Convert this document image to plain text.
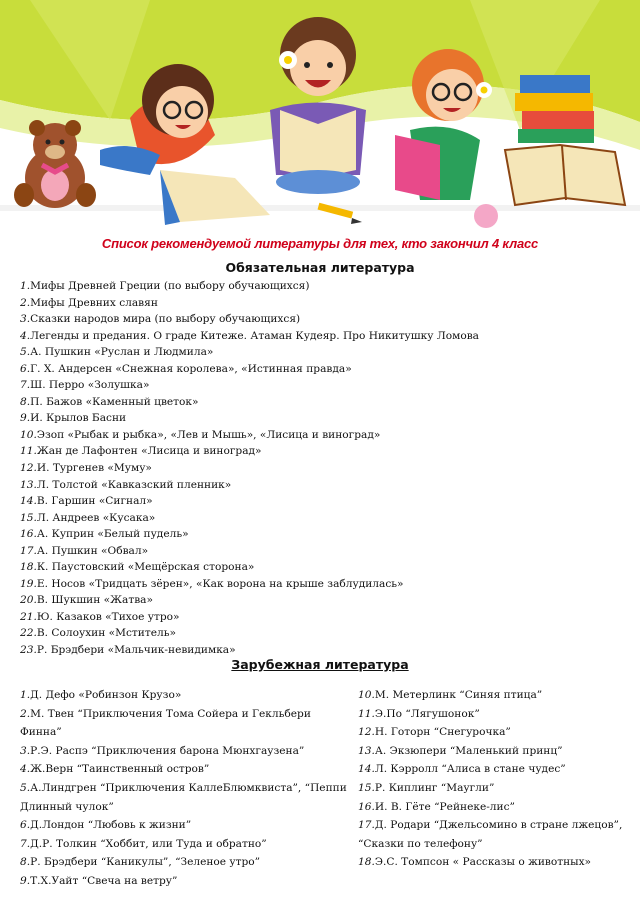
Список рекомендуемой литературы для тех, кто закончил 4 класс
Обязательная литература
1.Мифы Древней Греции (по выбору обучающихся)
2.Мифы Древних славян
3.Сказки народов мира (по выбору обучающихся)
4.Легенды и предания. О граде Китеже. Атаман Кудеяр. Про Никитушку Ломова
5.А. Пушкин «Руслан и Людмила»
6.Г. Х. Андерсен «Снежная королева», «Истинная правда»
7.Ш. Перро «Золушка»
8.П. Бажов «Каменный цветок»
9.И. Крылов Басни
10.Эзоп «Рыбак и рыбка», «Лев и Мышь», «Лисица и виноград»
11.Жан де Лафонтен «Лисица и виноград»
12.И. Тургенев «Муму»
13.Л. Толстой «Кавказский пленник»
14.В. Гаршин «Сигнал»
15.Л. Андреев «Кусака»
16.А. Куприн «Белый пудель»
17.А. Пушкин «Обвал»
18.К. Паустовский «Мещёрская сторона»
19.Е. Носов «Тридцать зёрен», «Как ворона на крыше заблудилась»
20.В. Шукшин «Жатва»
21.Ю. Казаков «Тихое утро»
22.В. Солоухин «Мститель»
23.Р. Брэдбери «Мальчик-невидимка»
Зарубежная литература
1.Д. Дефо «Робинзон Крузо»
2.М. Твен “Приключения Тома Сойера и Гекльбери Финна”
3.Р.Э. Распэ “Приключения барона Мюнхгаузена”
4.Ж.Верн “Таинственный остров”
5.А.Линдгрен “Приключения КаллеБлюмквиста”, “Пеппи Длинный чулок”
6.Д.Лондон “Любовь к жизни”
7.Д.Р. Толкин “Хоббит, или Туда и обратно”
8.Р. Брэдбери “Каникулы”, “Зеленое утро”
9.Т.Х.Уайт “Свеча на ветру”
10.М. Метерлинк “Синяя птица”
11.Э.По “Лягушонок”
12.Н. Готорн “Снегурочка”
13.А. Экзюпери “Маленький принц”
14.Л. Кэрролл “Алиса в стане чудес”
15.Р. Киплинг “Маугли”
16.И. В. Гёте “Рейнеке-лис”
17.Д. Родари “Джельсомино в стране лжецов”, “Сказки по телефону”
18.Э.С. Томпсон « Рассказы о животных»
